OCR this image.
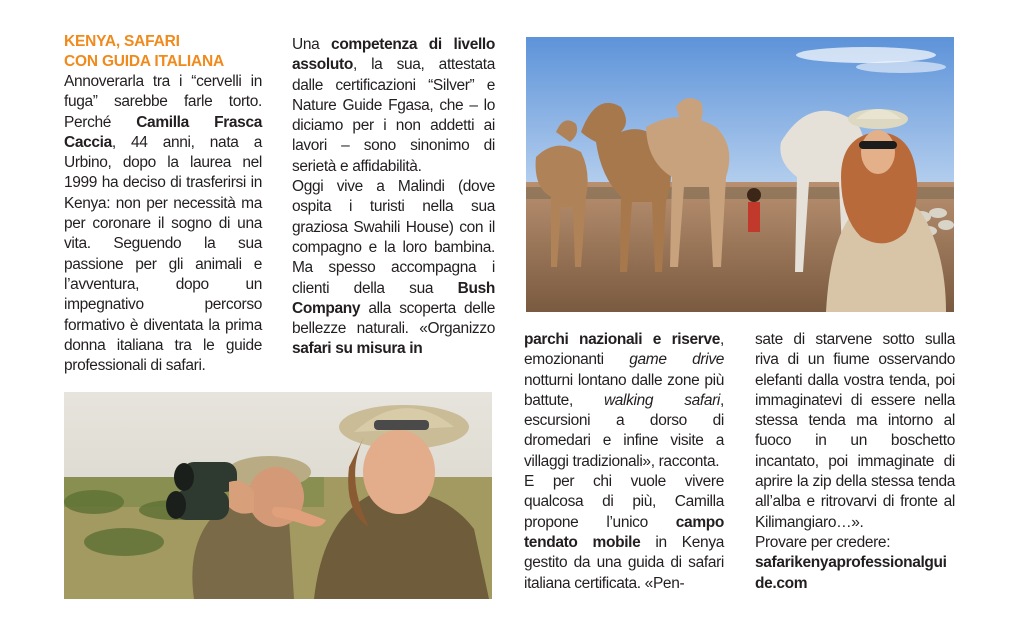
KENYA, SAFARI
CON GUIDA ITALIANA

Annoverarla tra i “cervelli in fuga” sarebbe farle torto. Perché Camilla Frasca Caccia, 44 anni, nata a Urbino, dopo la laurea nel 1999 ha deciso di trasferirsi in Kenya: non per necessità ma per coronare il sogno di una vita. Seguendo la sua passione per gli animali e l’avventura, dopo un impegnativo percorso formativo è diventata la prima donna italiana tra le guide professionali di safari.

Una competenza di livello assoluto, la sua, attestata dalle certificazioni “Silver” e Nature Guide Fgasa, che – lo diciamo per i non addetti ai lavori – sono sinonimo di serietà e affidabilità.

Oggi vive a Malindi (dove ospita i turisti nella sua graziosa Swahili House) con il compagno e la loro bambina. Ma spesso accompagna i clienti della sua Bush Company alla scoperta delle bellezze naturali. «Organizzo safari su misura in

parchi nazionali e riserve, emozionanti game drive notturni lontano dalle zone più battute, walking safari, escursioni a dorso di dromedari e infine visite a villaggi tradizionali», racconta.

E per chi vuole vivere qualcosa di più, Camilla propone l’unico campo tendato mobile in Kenya gestito da una guida di safari italiana certificata. «Pen-

sate di starvene sotto sulla riva di un fiume osservando elefanti dalla vostra tenda, poi immaginatevi di essere nella stessa tenda ma intorno al fuoco in un boschetto incantato, poi immaginate di aprire la zip della stessa tenda all’alba e ritrovarvi di fronte al Kilimangiaro…».

Provare per credere:

safarikenyaprofessionalguide.com
